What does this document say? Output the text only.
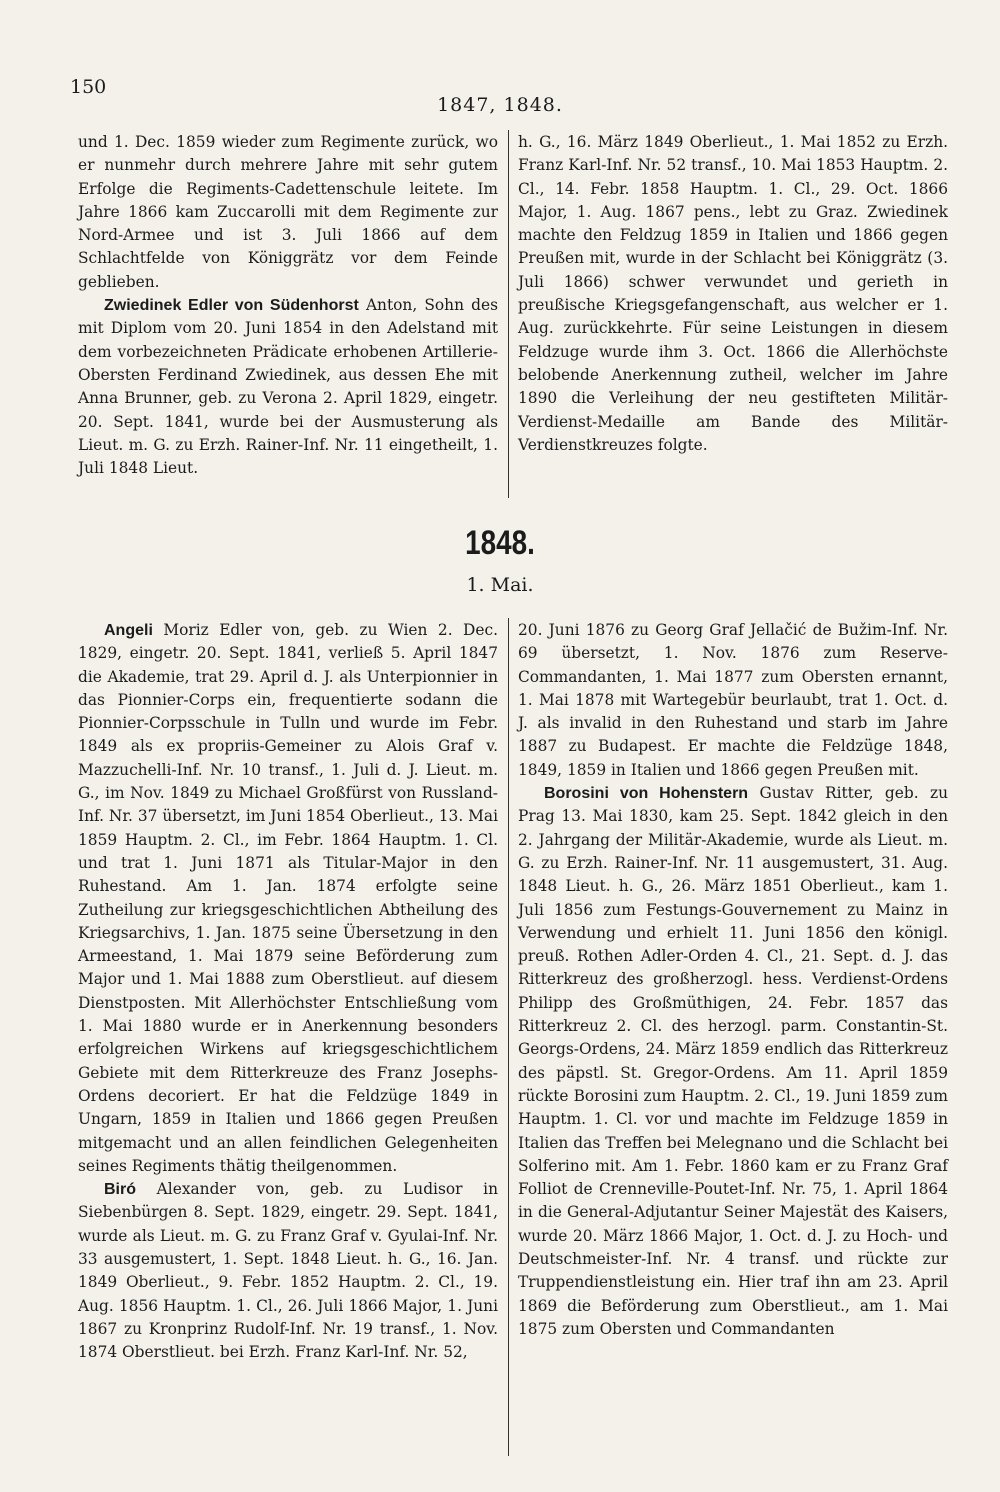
150
1847, 1848.

und 1. Dec. 1859 wieder zum Regimente zurück, wo er nunmehr durch mehrere Jahre mit sehr gutem Erfolge die Regiments-Cadettenschule leitete. Im Jahre 1866 kam Zuccarolli mit dem Regimente zur Nord-Armee und ist 3. Juli 1866 auf dem Schlachtfelde von Königgrätz vor dem Feinde geblieben.

Zwiedinek Edler von Südenhorst Anton, Sohn des mit Diplom vom 20. Juni 1854 in den Adelstand mit dem vorbezeichneten Prädicate erhobenen Artillerie-Obersten Ferdinand Zwiedinek, aus dessen Ehe mit Anna Brunner, geb. zu Verona 2. April 1829, eingetr. 20. Sept. 1841, wurde bei der Ausmusterung als Lieut. m. G. zu Erzh. Rainer-Inf. Nr. 11 eingetheilt, 1. Juli 1848 Lieut.

h. G., 16. März 1849 Oberlieut., 1. Mai 1852 zu Erzh. Franz Karl-Inf. Nr. 52 transf., 10. Mai 1853 Hauptm. 2. Cl., 14. Febr. 1858 Hauptm. 1. Cl., 29. Oct. 1866 Major, 1. Aug. 1867 pens., lebt zu Graz. Zwiedinek machte den Feldzug 1859 in Italien und 1866 gegen Preußen mit, wurde in der Schlacht bei Königgrätz (3. Juli 1866) schwer verwundet und gerieth in preußische Kriegsgefangenschaft, aus welcher er 1. Aug. zurückkehrte. Für seine Leistungen in diesem Feldzuge wurde ihm 3. Oct. 1866 die Allerhöchste belobende Anerkennung zutheil, welcher im Jahre 1890 die Verleihung der neu gestifteten Militär-Verdienst-Medaille am Bande des Militär-Verdienstkreuzes folgte.

1848.
1. Mai.

Angeli Moriz Edler von, geb. zu Wien 2. Dec. 1829, eingetr. 20. Sept. 1841, verließ 5. April 1847 die Akademie, trat 29. April d. J. als Unterpionnier in das Pionnier-Corps ein, frequentierte sodann die Pionnier-Corpsschule in Tulln und wurde im Febr. 1849 als ex propriis-Gemeiner zu Alois Graf v. Mazzuchelli-Inf. Nr. 10 transf., 1. Juli d. J. Lieut. m. G., im Nov. 1849 zu Michael Großfürst von Russland-Inf. Nr. 37 übersetzt, im Juni 1854 Oberlieut., 13. Mai 1859 Hauptm. 2. Cl., im Febr. 1864 Hauptm. 1. Cl. und trat 1. Juni 1871 als Titular-Major in den Ruhestand. Am 1. Jan. 1874 erfolgte seine Zutheilung zur kriegsgeschichtlichen Abtheilung des Kriegsarchivs, 1. Jan. 1875 seine Übersetzung in den Armeestand, 1. Mai 1879 seine Beförderung zum Major und 1. Mai 1888 zum Oberstlieut. auf diesem Dienstposten. Mit Allerhöchster Entschließung vom 1. Mai 1880 wurde er in Anerkennung besonders erfolgreichen Wirkens auf kriegsgeschichtlichem Gebiete mit dem Ritterkreuze des Franz Josephs-Ordens decoriert. Er hat die Feldzüge 1849 in Ungarn, 1859 in Italien und 1866 gegen Preußen mitgemacht und an allen feindlichen Gelegenheiten seines Regiments thätig theilgenommen.

Biró Alexander von, geb. zu Ludisor in Siebenbürgen 8. Sept. 1829, eingetr. 29. Sept. 1841, wurde als Lieut. m. G. zu Franz Graf v. Gyulai-Inf. Nr. 33 ausgemustert, 1. Sept. 1848 Lieut. h. G., 16. Jan. 1849 Oberlieut., 9. Febr. 1852 Hauptm. 2. Cl., 19. Aug. 1856 Hauptm. 1. Cl., 26. Juli 1866 Major, 1. Juni 1867 zu Kronprinz Rudolf-Inf. Nr. 19 transf., 1. Nov. 1874 Oberstlieut. bei Erzh. Franz Karl-Inf. Nr. 52,

20. Juni 1876 zu Georg Graf Jellačić de Bužim-Inf. Nr. 69 übersetzt, 1. Nov. 1876 zum Reserve-Commandanten, 1. Mai 1877 zum Obersten ernannt, 1. Mai 1878 mit Wartegebür beurlaubt, trat 1. Oct. d. J. als invalid in den Ruhestand und starb im Jahre 1887 zu Budapest. Er machte die Feldzüge 1848, 1849, 1859 in Italien und 1866 gegen Preußen mit.

Borosini von Hohenstern Gustav Ritter, geb. zu Prag 13. Mai 1830, kam 25. Sept. 1842 gleich in den 2. Jahrgang der Militär-Akademie, wurde als Lieut. m. G. zu Erzh. Rainer-Inf. Nr. 11 ausgemustert, 31. Aug. 1848 Lieut. h. G., 26. März 1851 Oberlieut., kam 1. Juli 1856 zum Festungs-Gouvernement zu Mainz in Verwendung und erhielt 11. Juni 1856 den königl. preuß. Rothen Adler-Orden 4. Cl., 21. Sept. d. J. das Ritterkreuz des großherzogl. hess. Verdienst-Ordens Philipp des Großmüthigen, 24. Febr. 1857 das Ritterkreuz 2. Cl. des herzogl. parm. Constantin-St. Georgs-Ordens, 24. März 1859 endlich das Ritterkreuz des päpstl. St. Gregor-Ordens. Am 11. April 1859 rückte Borosini zum Hauptm. 2. Cl., 19. Juni 1859 zum Hauptm. 1. Cl. vor und machte im Feldzuge 1859 in Italien das Treffen bei Melegnano und die Schlacht bei Solferino mit. Am 1. Febr. 1860 kam er zu Franz Graf Folliot de Crenneville-Poutet-Inf. Nr. 75, 1. April 1864 in die General-Adjutantur Seiner Majestät des Kaisers, wurde 20. März 1866 Major, 1. Oct. d. J. zu Hoch- und Deutschmeister-Inf. Nr. 4 transf. und rückte zur Truppendienstleistung ein. Hier traf ihn am 23. April 1869 die Beförderung zum Oberstlieut., am 1. Mai 1875 zum Obersten und Commandanten
